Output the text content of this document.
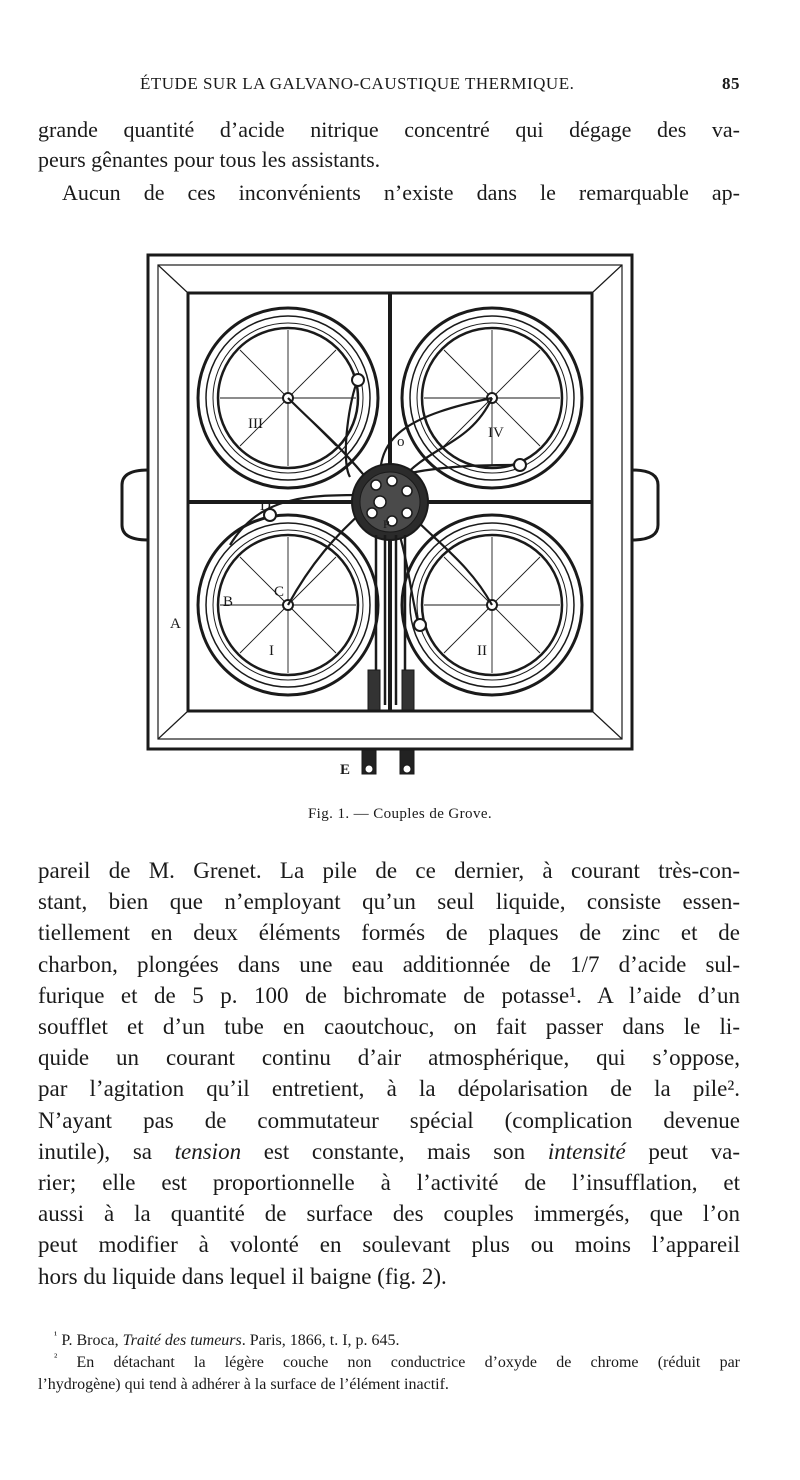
ÉTUDE SUR LA GALVANO-CAUSTIQUE THERMIQUE.	85
grande quantité d’acide nitrique concentré qui dégage des va-
peurs gênantes pour tous les assistants.
Aucun de ces inconvénients n’existe dans le remarquable ap-
III
IV
I	II
o
D
P
C
B
A
E
Fig. 1. — Couples de Grove.
pareil de M. Grenet. La pile de ce dernier, à courant très-con-
stant, bien que n’employant qu’un seul liquide, consiste essen-
tiellement en deux éléments formés de plaques de zinc et de
charbon, plongées dans une eau additionnée de 1/7 d’acide sul-
furique et de 5 p. 100 de bichromate de potasse¹. A l’aide d’un
soufflet et d’un tube en caoutchouc, on fait passer dans le li-
quide un courant continu d’air atmosphérique, qui s’oppose,
par l’agitation qu’il entretient, à la dépolarisation de la pile².
N’ayant pas de commutateur spécial (complication devenue
inutile), sa tension est constante, mais son intensité peut va-
rier; elle est proportionnelle à l’activité de l’insufflation, et
aussi à la quantité de surface des couples immergés, que l’on
peut modifier à volonté en soulevant plus ou moins l’appareil
hors du liquide dans lequel il baigne (fig. 2).
$^{^1}$ P. Broca, Traité des tumeurs. Paris, 1866, t. I, p. 645.
$^{^2}$ En détachant la légère couche non conductrice d’oxyde de chrome (réduit par
l’hydrogène) qui tend à adhérer à la surface de l’élément inactif.
